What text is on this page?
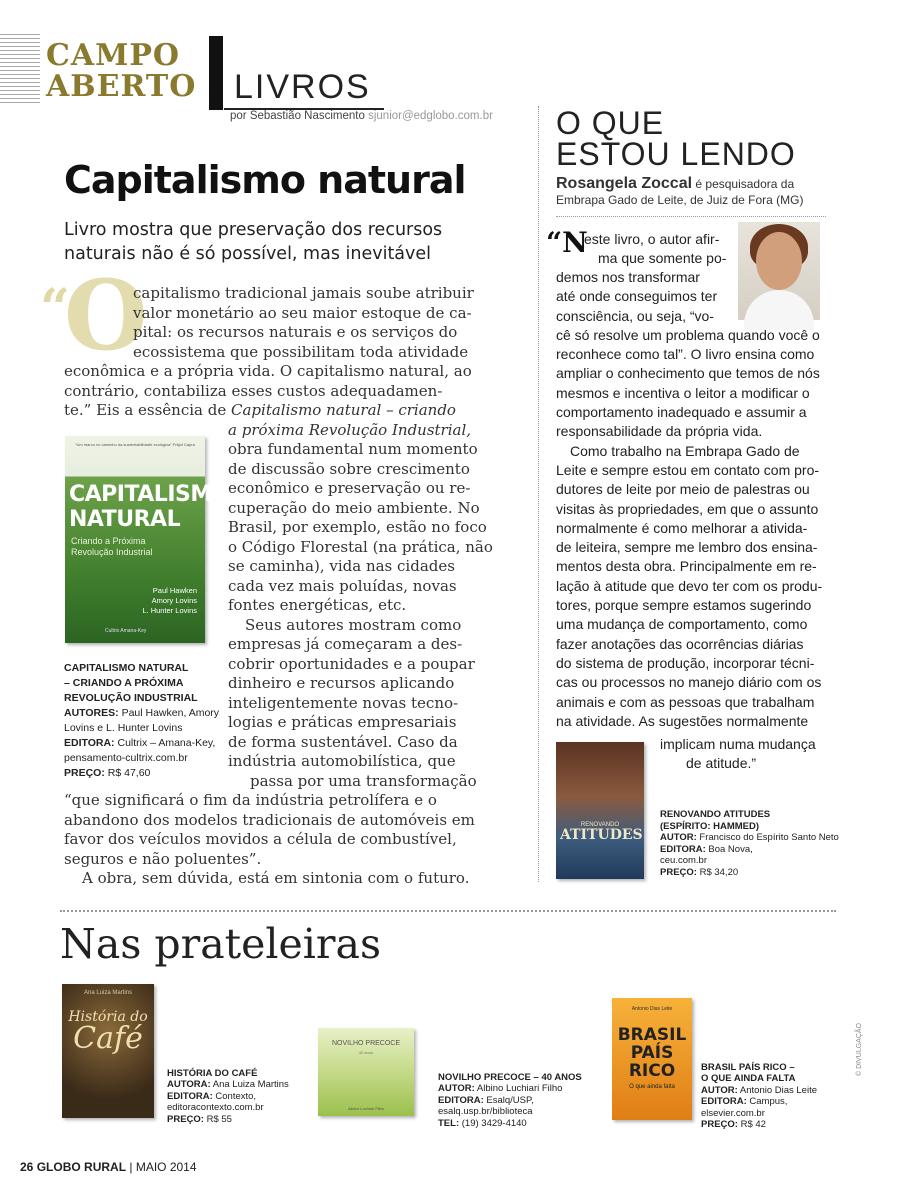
CAMPO
ABERTO LIVROS
por Sebastião Nascimento sjunior@edglobo.com.br
Capitalismo natural
Livro mostra que preservação dos recursos naturais não é só possível, mas inevitável
“
O
capitalismo tradicional jamais soube atribuir
valor monetário ao seu maior estoque de ca-
pital: os recursos naturais e os serviços do
ecossistema que possibilitam toda atividade
econômica e a própria vida. O capitalismo natural, ao
contrário, contabiliza esses custos adequadamen-
te.” Eis a essência de Capitalismo natural – criando
a próxima Revolução Industrial,
obra fundamental num momento
de discussão sobre crescimento
econômico e preservação ou re-
cuperação do meio ambiente. No
Brasil, por exemplo, estão no foco
o Código Florestal (na prática, não
se caminha), vida nas cidades
cada vez mais poluídas, novas
fontes energéticas, etc.
Seus autores mostram como
empresas já começaram a des-
cobrir oportunidades e a poupar
dinheiro e recursos aplicando
inteligentemente novas tecno-
logias e práticas empresariais
de forma sustentável. Caso da
indústria automobilística, que
passa por uma transformação
“que significará o fim da indústria petrolífera e o
abandono dos modelos tradicionais de automóveis em
favor dos veículos movidos a célula de combustível,
seguros e não poluentes”.
A obra, sem dúvida, está em sintonia com o futuro.
“Um marco no caminho da sustentabilidade ecológica” Fritjof Capra
CAPITALISMO
NATURAL
Criando a Próxima
Revolução Industrial
Paul Hawken
Amory Lovins
L. Hunter Lovins
Cultrix Amana-Key
CAPITALISMO NATURAL
– CRIANDO A PRÓXIMA
REVOLUÇÃO INDUSTRIAL
AUTORES: Paul Hawken, Amory
Lovins e L. Hunter Lovins
EDITORA: Cultrix – Amana-Key,
pensamento-cultrix.com.br
PREÇO: R$ 47,60
O QUE
ESTOU LENDO
Rosangela Zoccal é pesquisadora da
Embrapa Gado de Leite, de Juiz de Fora (MG)
“N
este livro, o autor afir-
ma que somente po-
demos nos transformar
até onde conseguimos ter
consciência, ou seja, “vo-
cê só resolve um problema quando você o
reconhece como tal”. O livro ensina como
ampliar o conhecimento que temos de nós
mesmos e incentiva o leitor a modificar o
comportamento inadequado e assumir a
responsabilidade da própria vida.
Como trabalho na Embrapa Gado de
Leite e sempre estou em contato com pro-
dutores de leite por meio de palestras ou
visitas às propriedades, em que o assunto
normalmente é como melhorar a ativida-
de leiteira, sempre me lembro dos ensina-
mentos desta obra. Principalmente em re-
lação à atitude que devo ter com os produ-
tores, porque sempre estamos sugerindo
uma mudança de comportamento, como
fazer anotações das ocorrências diárias
do sistema de produção, incorporar técni-
cas ou processos no manejo diário com os
animais e com as pessoas que trabalham
na atividade. As sugestões normalmente
implicam numa mudança
de atitude.”
RENOVANDO
ATITUDES
RENOVANDO ATITUDES
(ESPÍRITO: HAMMED)
AUTOR: Francisco do Espírito Santo Neto
EDITORA: Boa Nova,
ceu.com.br
PREÇO: R$ 34,20
Nas prateleiras
Ana Luiza Martins
História do
Café
HISTÓRIA DO CAFÉ
AUTORA: Ana Luiza Martins
EDITORA: Contexto,
editoracontexto.com.br
PREÇO: R$ 55
NOVILHO PRECOCE
40 anos
Albino Luchiari Filho
NOVILHO PRECOCE – 40 ANOS
AUTOR: Albino Luchiari Filho
EDITORA: Esalq/USP,
esalq.usp.br/biblioteca
TEL: (19) 3429-4140
Antonio Dias Leite
BRASIL
PAÍS
RICO
O que ainda falta
BRASIL PAÍS RICO –
O QUE AINDA FALTA
AUTOR: Antonio Dias Leite
EDITORA: Campus,
elsevier.com.br
PREÇO: R$ 42
© DIVULGAÇÃO
26 GLOBO RURAL | MAIO 2014
